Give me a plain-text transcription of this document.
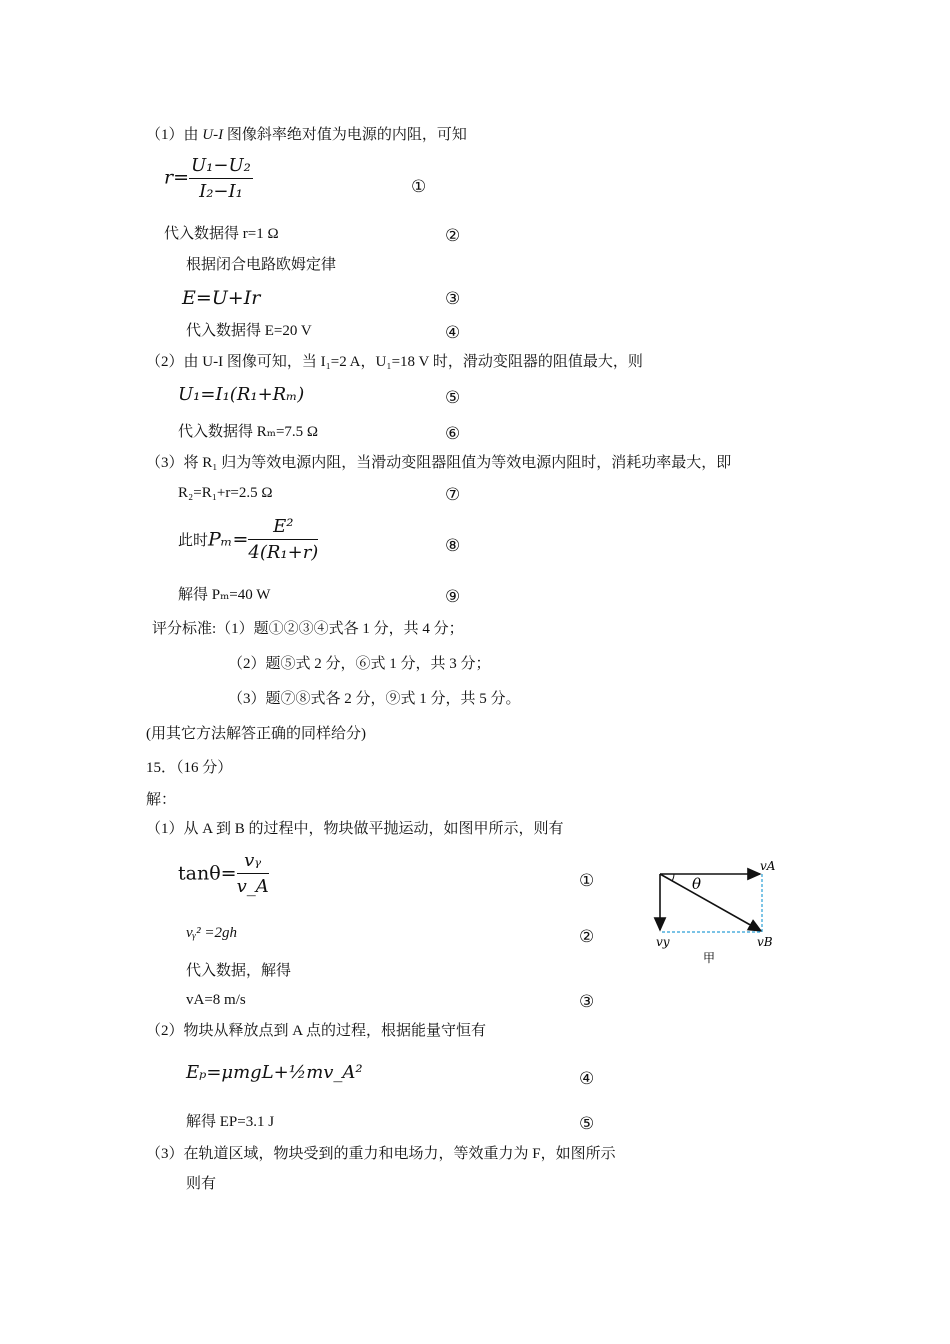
（1）由 U-I 图像斜率绝对值为电源的内阻，可知
$r= \frac{\text{U₁−U₂}}{\text{I₂−I₁}}$	①
代入数据得 r=1 Ω	②
根据闭合电路欧姆定律
E=U+Ir	③
代入数据得 E=20 V	④
（2）由 U-I 图像可知，当 I₁=2 A，U₁=18 V 时，滑动变阻器的阻值最大，则
U₁=I₁(R₁+Rₘ)	⑤
代入数据得 Rₘ=7.5 Ω	⑥
（3）将 R₁ 归为等效电源内阻，当滑动变阻器阻值为等效电源内阻时，消耗功率最大，即
R₂=R₁+r=2.5 Ω	⑦
此时$P_m= \frac{\text{E²}}{\text{4(R₁+r)}}$	⑧
解得 Pₘ=40 W	⑨
评分标准:（1）题①②③④式各 1 分，共 4 分；
（2）题⑤式 2 分，⑥式 1 分，共 3 分；
（3）题⑦⑧式各 2 分，⑨式 1 分，共 5 分。
(用其它方法解答正确的同样给分)
15．（16 分）
解：
（1）从 A 到 B 的过程中，物块做平抛运动，如图甲所示，则有
$\tan\theta= \frac{\text{vᵧ}}{v\_A}$	①
vᵧ² =2gh	②
代入数据，解得
vA=8 m/s	③
（2）物块从释放点到 A 点的过程，根据能量守恒有
Eₚ=μmgL+½mv_A²	④
解得 EP=3.1 J	⑤
（3）在轨道区域，物块受到的重力和电场力，等效重力为 F，如图所示
则有
θ
vA
vy	vB
甲
